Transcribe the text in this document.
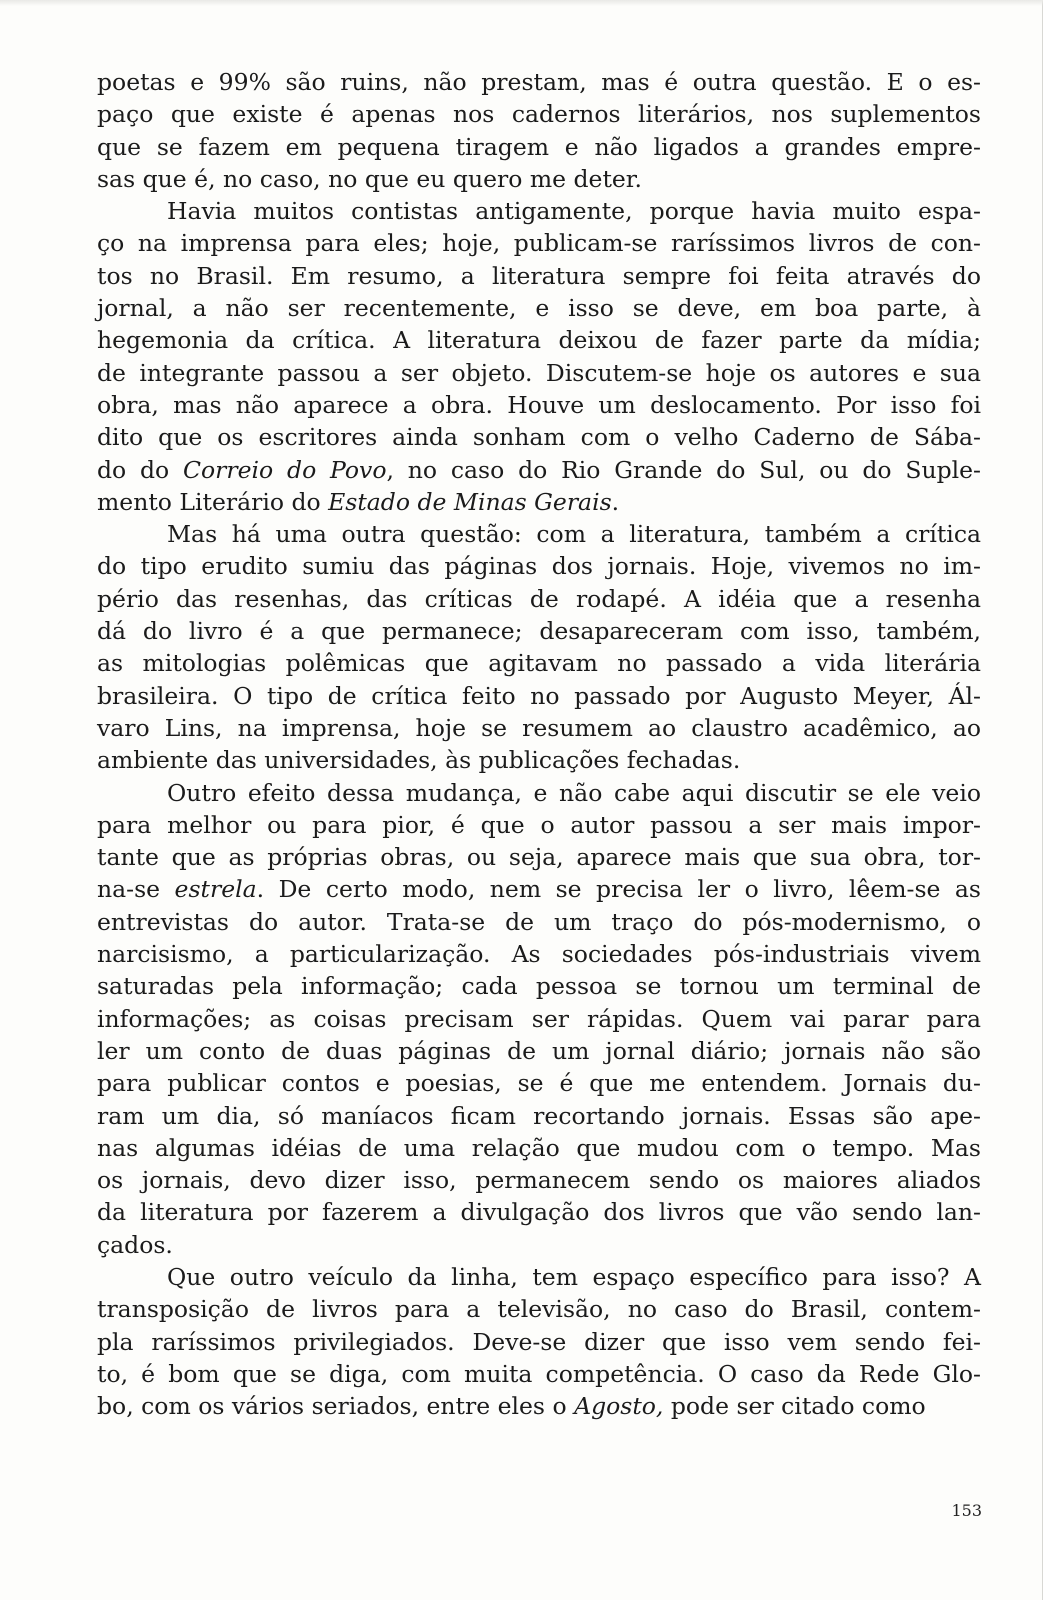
poetas e 99% são ruins, não prestam, mas é outra questão. E o es-
paço que existe é apenas nos cadernos literários, nos suplementos
que se fazem em pequena tiragem e não ligados a grandes empre-
sas que é, no caso, no que eu quero me deter.
Havia muitos contistas antigamente, porque havia muito espa-
ço na imprensa para eles; hoje, publicam-se raríssimos livros de con-
tos no Brasil. Em resumo, a literatura sempre foi feita através do
jornal, a não ser recentemente, e isso se deve, em boa parte, à
hegemonia da crítica. A literatura deixou de fazer parte da mídia;
de integrante passou a ser objeto. Discutem-se hoje os autores e sua
obra, mas não aparece a obra. Houve um deslocamento. Por isso foi
dito que os escritores ainda sonham com o velho Caderno de Sába-
do do Correio do Povo, no caso do Rio Grande do Sul, ou do Suple-
mento Literário do Estado de Minas Gerais.
Mas há uma outra questão: com a literatura, também a crítica
do tipo erudito sumiu das páginas dos jornais. Hoje, vivemos no im-
pério das resenhas, das críticas de rodapé. A idéia que a resenha
dá do livro é a que permanece; desapareceram com isso, também,
as mitologias polêmicas que agitavam no passado a vida literária
brasileira. O tipo de crítica feito no passado por Augusto Meyer, Ál-
varo Lins, na imprensa, hoje se resumem ao claustro acadêmico, ao
ambiente das universidades, às publicações fechadas.
Outro efeito dessa mudança, e não cabe aqui discutir se ele veio
para melhor ou para pior, é que o autor passou a ser mais impor-
tante que as próprias obras, ou seja, aparece mais que sua obra, tor-
na-se estrela. De certo modo, nem se precisa ler o livro, lêem-se as
entrevistas do autor. Trata-se de um traço do pós-modernismo, o
narcisismo, a particularização. As sociedades pós-industriais vivem
saturadas pela informação; cada pessoa se tornou um terminal de
informações; as coisas precisam ser rápidas. Quem vai parar para
ler um conto de duas páginas de um jornal diário; jornais não são
para publicar contos e poesias, se é que me entendem. Jornais du-
ram um dia, só maníacos ficam recortando jornais. Essas são ape-
nas algumas idéias de uma relação que mudou com o tempo. Mas
os jornais, devo dizer isso, permanecem sendo os maiores aliados
da literatura por fazerem a divulgação dos livros que vão sendo lan-
çados.
Que outro veículo da linha, tem espaço específico para isso? A
transposição de livros para a televisão, no caso do Brasil, contem-
pla raríssimos privilegiados. Deve-se dizer que isso vem sendo fei-
to, é bom que se diga, com muita competência. O caso da Rede Glo-
bo, com os vários seriados, entre eles o Agosto, pode ser citado como
153
